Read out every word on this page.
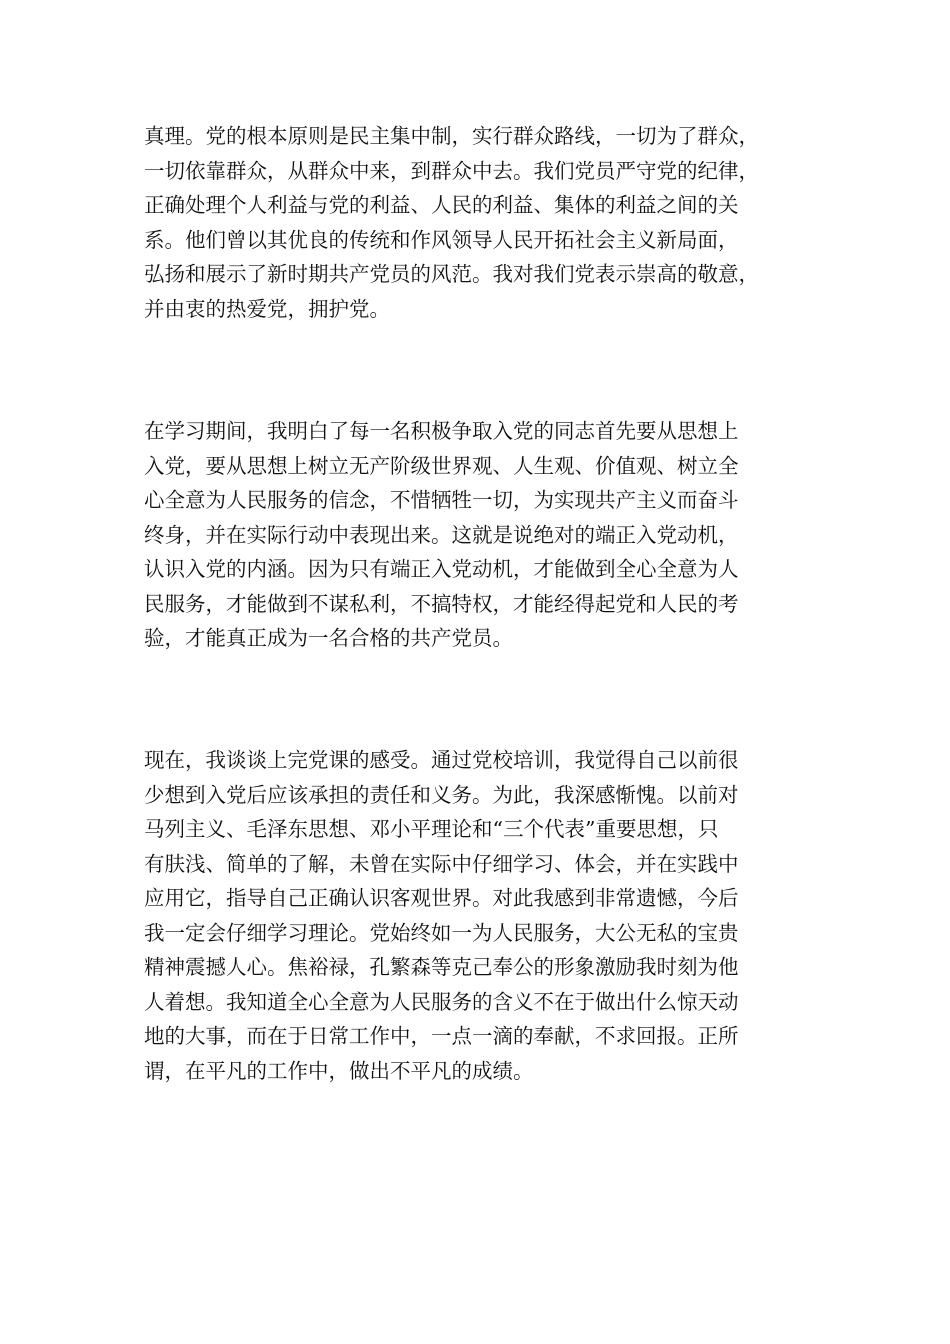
真理。党的根本原则是民主集中制，实行群众路线，一切为了群众，
一切依靠群众，从群众中来，到群众中去。我们党员严守党的纪律，
正确处理个人利益与党的利益、人民的利益、集体的利益之间的关
系。他们曾以其优良的传统和作风领导人民开拓社会主义新局面，
弘扬和展示了新时期共产党员的风范。我对我们党表示崇高的敬意，
并由衷的热爱党，拥护党。

在学习期间，我明白了每一名积极争取入党的同志首先要从思想上
入党，要从思想上树立无产阶级世界观、人生观、价值观、树立全
心全意为人民服务的信念，不惜牺牲一切，为实现共产主义而奋斗
终身，并在实际行动中表现出来。这就是说绝对的端正入党动机，
认识入党的内涵。因为只有端正入党动机，才能做到全心全意为人
民服务，才能做到不谋私利，不搞特权，才能经得起党和人民的考
验，才能真正成为一名合格的共产党员。

现在，我谈谈上完党课的感受。通过党校培训，我觉得自己以前很
少想到入党后应该承担的责任和义务。为此，我深感惭愧。以前对
马列主义、毛泽东思想、邓小平理论和“三个代表”重要思想，只
有肤浅、简单的了解，未曾在实际中仔细学习、体会，并在实践中
应用它，指导自己正确认识客观世界。对此我感到非常遗憾，今后
我一定会仔细学习理论。党始终如一为人民服务，大公无私的宝贵
精神震撼人心。焦裕禄，孔繁森等克己奉公的形象激励我时刻为他
人着想。我知道全心全意为人民服务的含义不在于做出什么惊天动
地的大事，而在于日常工作中，一点一滴的奉献，不求回报。正所
谓，在平凡的工作中，做出不平凡的成绩。
